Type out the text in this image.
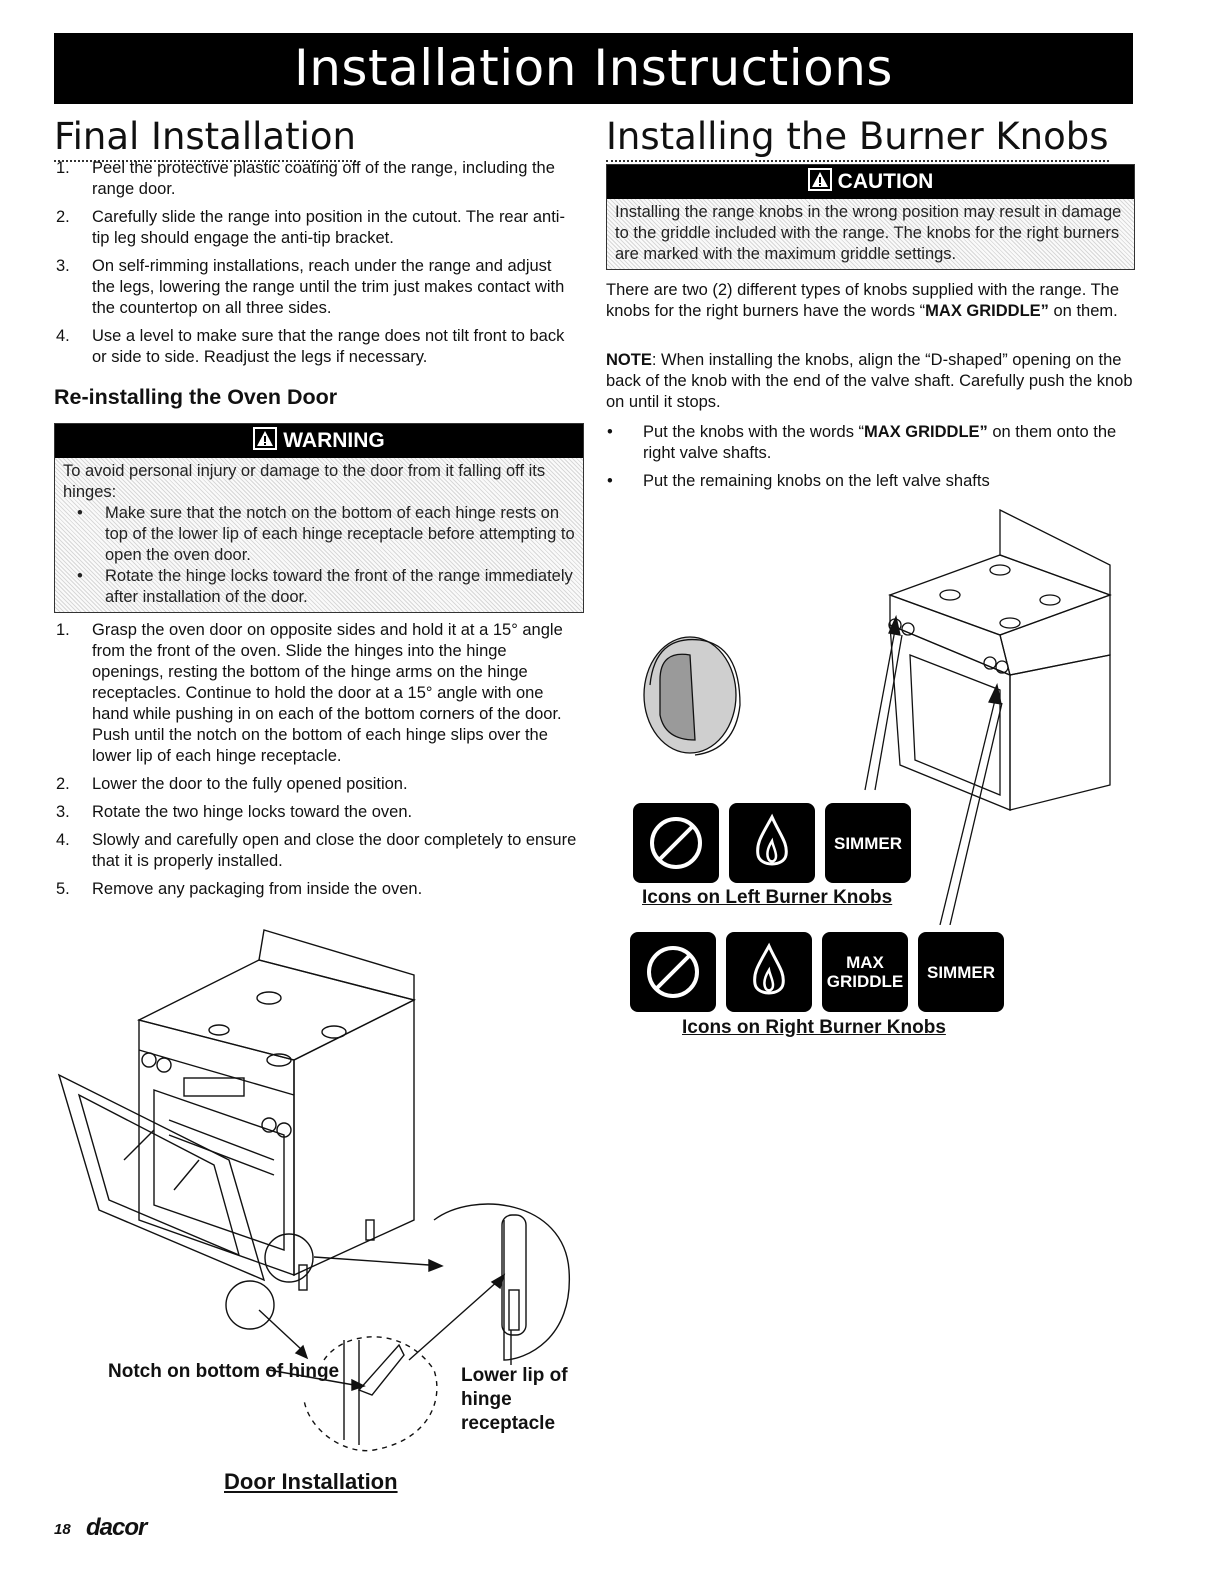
Installation Instructions
Final Installation
1. Peel the protective plastic coating off of the range, including the range door.
2. Carefully slide the range into position in the cutout. The rear anti-tip leg should engage the anti-tip bracket.
3. On self-rimming installations, reach under the range and adjust the legs, lowering the range until the trim just makes contact with the countertop on all three sides.
4. Use a level to make sure that the range does not tilt front to back or side to side. Readjust the legs if necessary.
Re-installing the Oven Door
WARNING
To avoid personal injury or damage to the door from it falling off its hinges:
• Make sure that the notch on the bottom of each hinge rests on top of the lower lip of each hinge receptacle before attempting to open the oven door.
• Rotate the hinge locks toward the front of the range immediately after installation of the door.
1. Grasp the oven door on opposite sides and hold it at a 15° angle from the front of the oven. Slide the hinges into the hinge openings, resting the bottom of the hinge arms on the hinge receptacles. Continue to hold the door at a 15° angle with one hand while pushing in on each of the bottom corners of the door. Push until the notch on the bottom of each hinge slips over the lower lip of each hinge receptacle.
2. Lower the door to the fully opened position.
3. Rotate the two hinge locks toward the oven.
4. Slowly and carefully open and close the door completely to ensure that it is properly installed.
5. Remove any packaging from inside the oven.
Notch on bottom of hinge	Lower lip of hinge receptacle
Door Installation
Installing the Burner Knobs
CAUTION
Installing the range knobs in the wrong position may result in damage to the griddle included with the range. The knobs for the right burners are marked with the maximum griddle settings.

There are two (2) different types of knobs supplied with the range. The knobs for the right burners have the words “MAX GRIDDLE” on them.

NOTE: When installing the knobs, align the “D-shaped” opening on the back of the knob with the end of the valve shaft. Carefully push the knob on until it stops.

• Put the knobs with the words “MAX GRIDDLE” on them onto the right valve shafts.
• Put the remaining knobs on the left valve shafts
SIMMER
Icons on Left Burner Knobs
MAX
GRIDDLE	SIMMER
Icons on Right Burner Knobs
18 dacor
